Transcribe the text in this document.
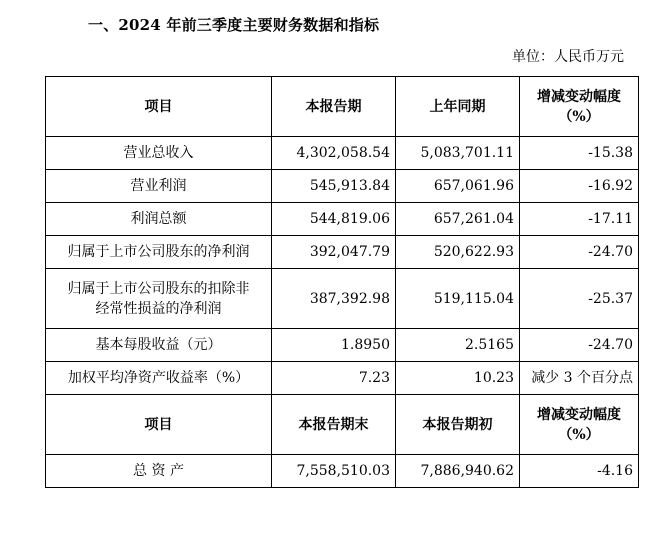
一、2024 年前三季度主要财务数据和指标
单位：人民币万元
项目	本报告期	上年同期	增减变动幅度
（%）

营业总收入	4,302,058.54	5,083,701.11	-15.38
营业利润	545,913.84	657,061.96	-16.92
利润总额	544,819.06	657,261.04	-17.11
归属于上市公司股东的净利润	392,047.79	520,622.93	-24.70

归属于上市公司股东的扣除非
经常性损益的净利润	387,392.98	519,115.04	-25.37
基本每股收益（元）	1.8950	2.5165	-24.70
加权平均净资产收益率（%）	7.23	10.23	减少 3 个百分点
项目	本报告期末	本报告期初	增减变动幅度
（%）

总 资 产	7,558,510.03	7,886,940.62	-4.16
